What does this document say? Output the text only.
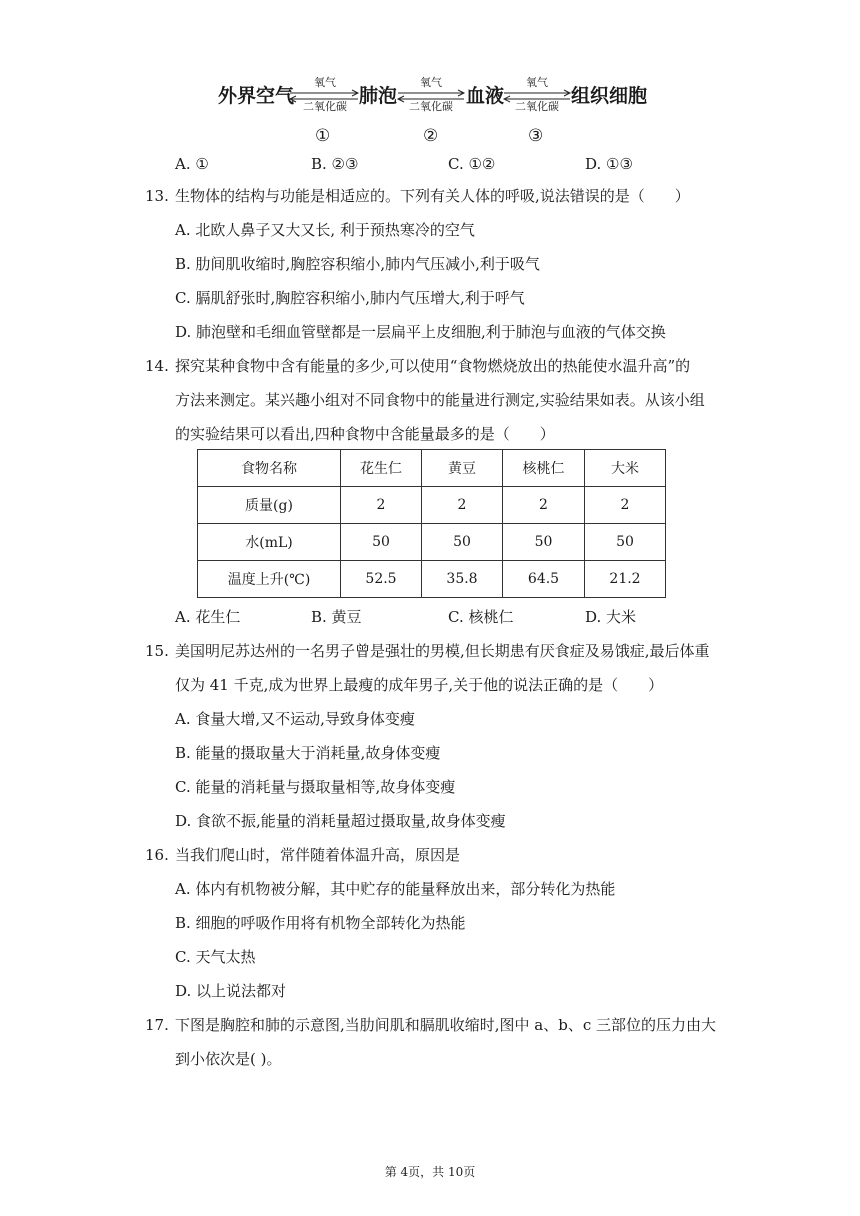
外界空气	肺泡	血液	组织细胞
氧气
二氧化碳
氧气
二氧化碳
氧气
二氧化碳
①	②	③
A. ①	B. ②③	C. ①②	D. ①③
13. 生物体的结构与功能是相适应的。下列有关人体的呼吸,说法错误的是（　　）
A. 北欧人鼻子又大又长, 利于预热寒冷的空气
B. 肋间肌收缩时,胸腔容积缩小,肺内气压减小,利于吸气
C. 膈肌舒张时,胸腔容积缩小,肺内气压增大,利于呼气
D. 肺泡壁和毛细血管壁都是一层扁平上皮细胞,利于肺泡与血液的气体交换
14. 探究某种食物中含有能量的多少,可以使用“食物燃烧放出的热能使水温升高”的
方法来测定。某兴趣小组对不同食物中的能量进行测定,实验结果如表。从该小组
的实验结果可以看出,四种食物中含能量最多的是（　　）
食物名称	花生仁	黄豆	核桃仁	大米
质量(g)	2	2	2	2
水(mL)	50	50	50	50
温度上升(℃)	52.5	35.8	64.5	21.2
A. 花生仁	B. 黄豆	C. 核桃仁	D. 大米
15. 美国明尼苏达州的一名男子曾是强壮的男模,但长期患有厌食症及易饿症,最后体重
仅为 41 千克,成为世界上最瘦的成年男子,关于他的说法正确的是（　　）
A. 食量大增,又不运动,导致身体变瘦
B. 能量的摄取量大于消耗量,故身体变瘦
C. 能量的消耗量与摄取量相等,故身体变瘦
D. 食欲不振,能量的消耗量超过摄取量,故身体变瘦
16. 当我们爬山时，常伴随着体温升高，原因是
A. 体内有机物被分解，其中贮存的能量释放出来，部分转化为热能
B. 细胞的呼吸作用将有机物全部转化为热能
C. 天气太热
D. 以上说法都对
17. 下图是胸腔和肺的示意图,当肋间肌和膈肌收缩时,图中 a、b、c 三部位的压力由大
到小依次是( )。
第 4页，共 10页
